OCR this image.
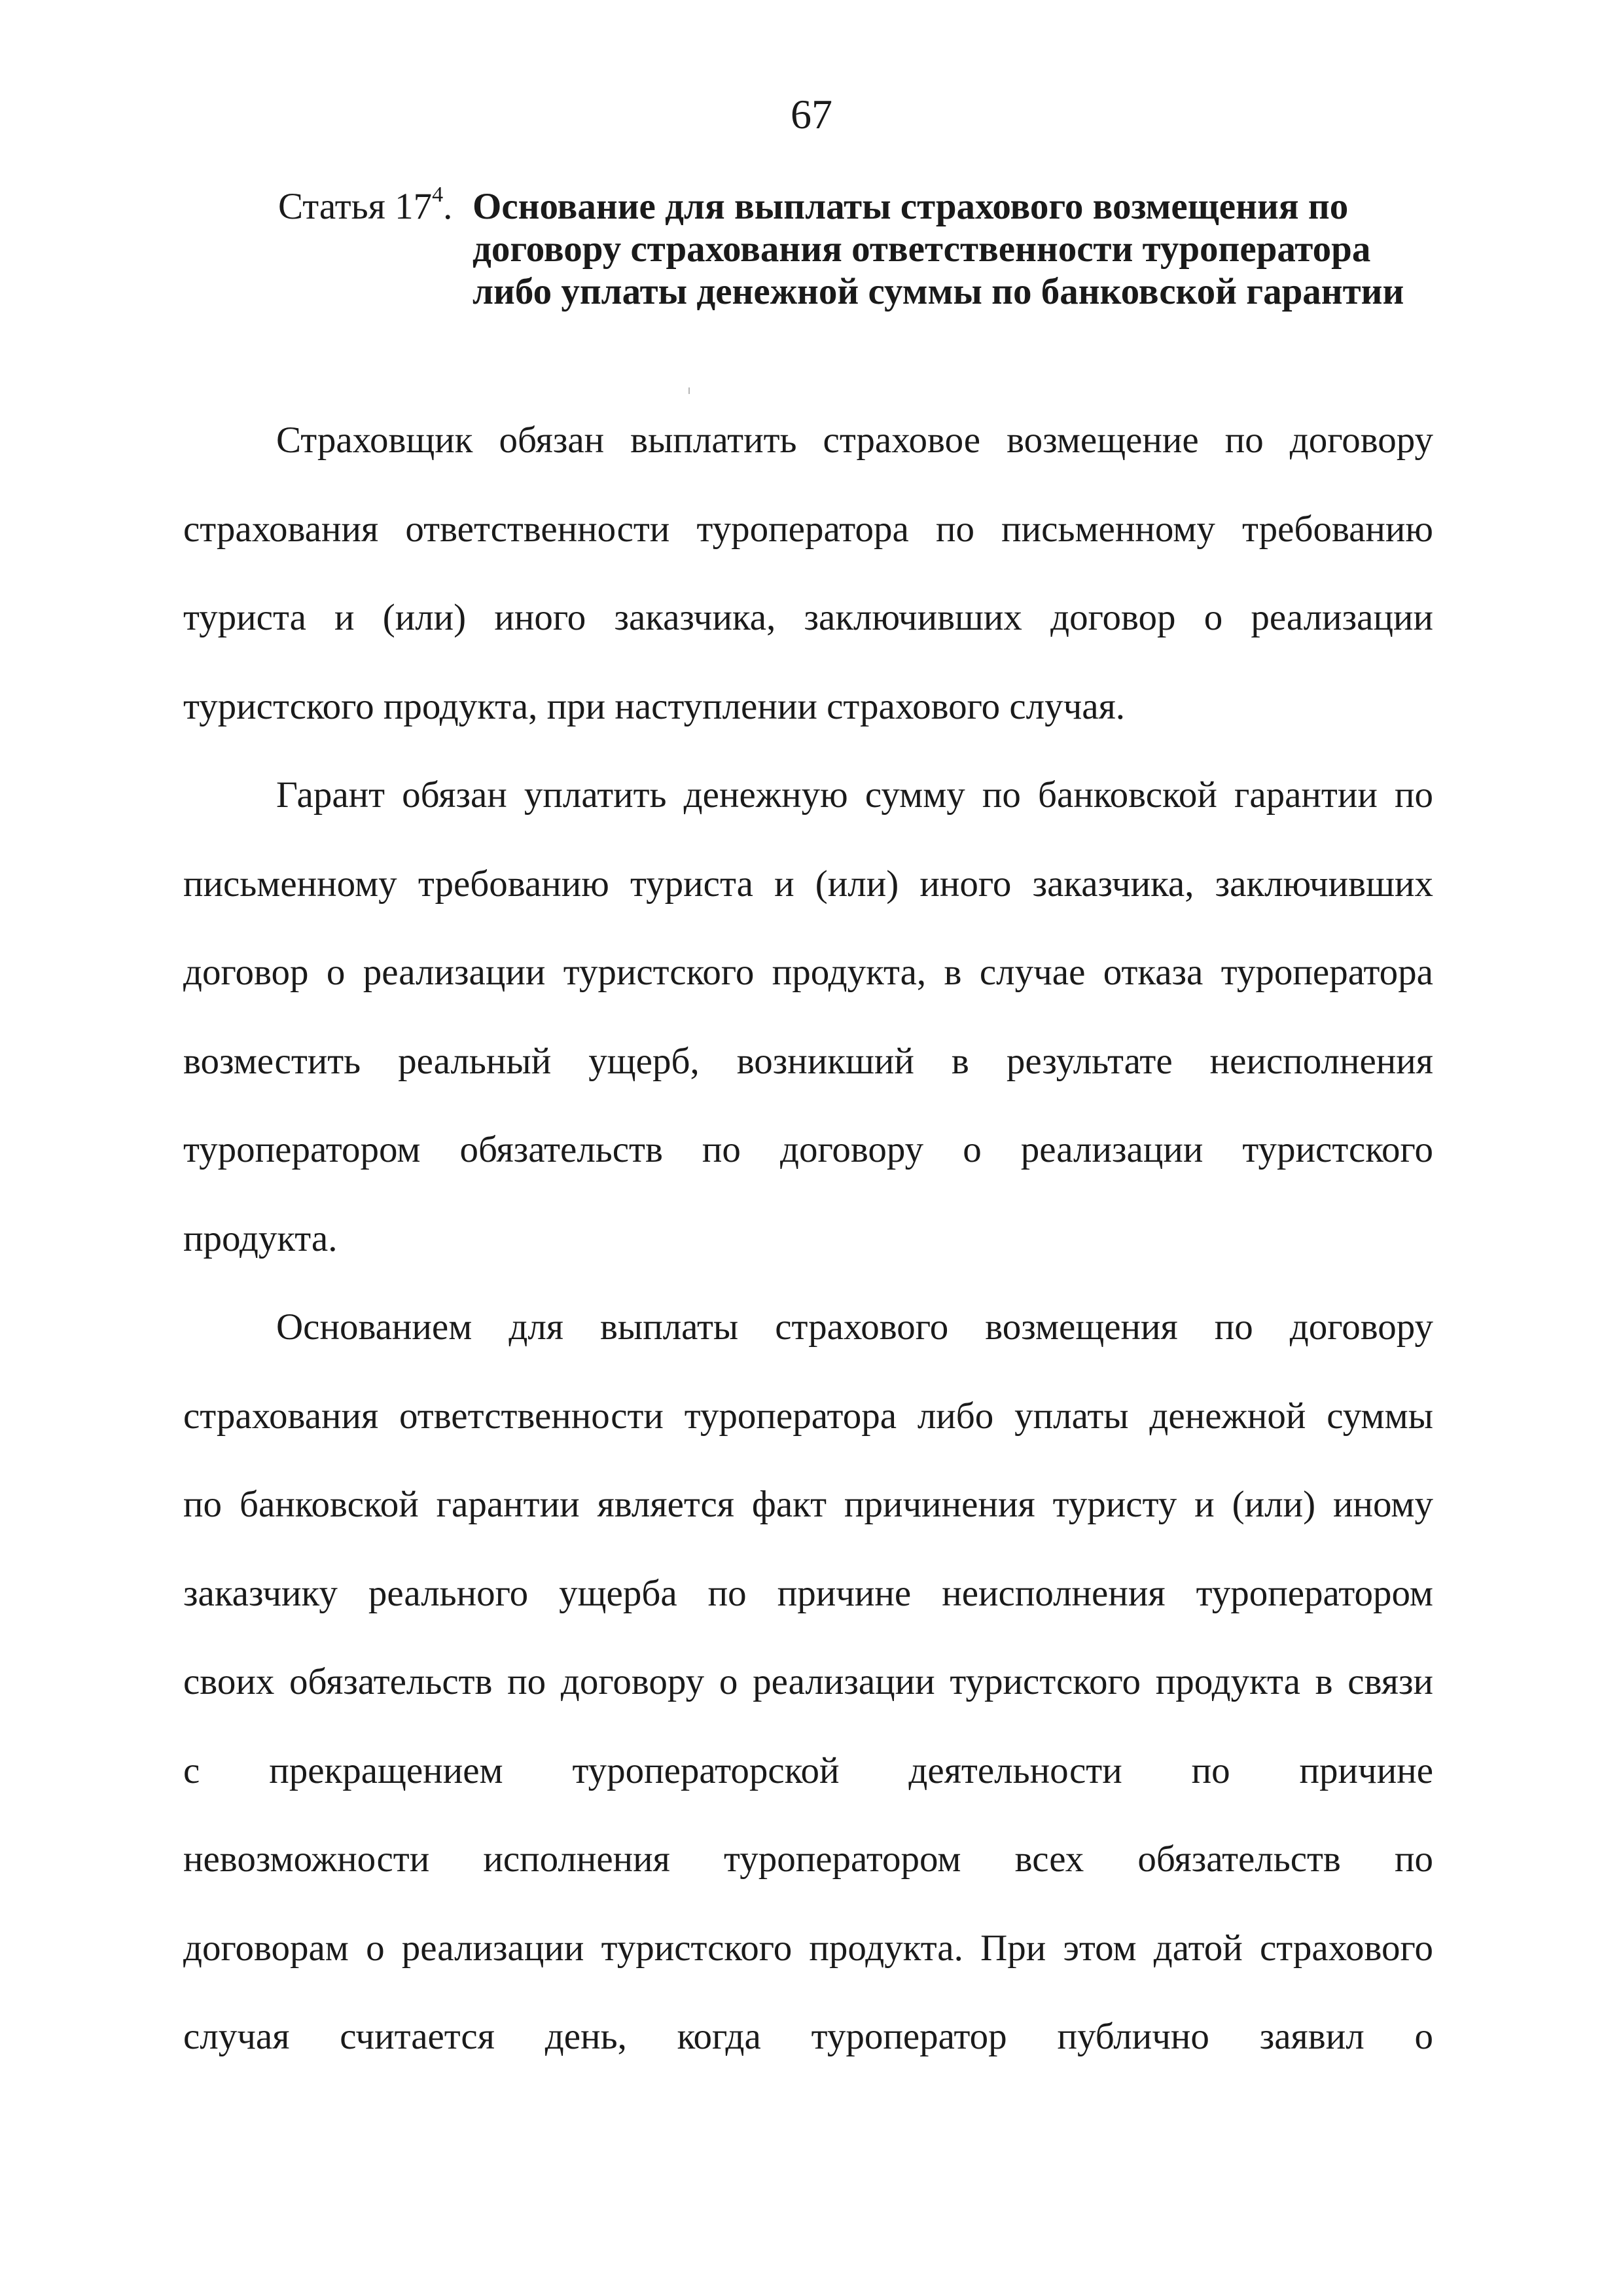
67
Статья $17^4$. Основание для выплаты страхового возмещения по договору страхования ответственности туроператора либо уплаты денежной суммы по банковской гарантии
Страховщик обязан выплатить страховое возмещение по договору
страхования ответственности туроператора по письменному требованию
туриста и (или) иного заказчика, заключивших договор о реализации
туристского продукта, при наступлении страхового случая.
Гарант обязан уплатить денежную сумму по банковской гарантии по
письменному требованию туриста и (или) иного заказчика, заключивших
договор о реализации туристского продукта, в случае отказа туроператора
возместить реальный ущерб, возникший в результате неисполнения
туроператором обязательств по договору о реализации туристского
продукта.
Основанием для выплаты страхового возмещения по договору
страхования ответственности туроператора либо уплаты денежной суммы
по банковской гарантии является факт причинения туристу и (или) иному
заказчику реального ущерба по причине неисполнения туроператором
своих обязательств по договору о реализации туристского продукта в связи
с прекращением туроператорской деятельности по причине
невозможности исполнения туроператором всех обязательств по
договорам о реализации туристского продукта. При этом датой страхового
случая считается день, когда туроператор публично заявил о
